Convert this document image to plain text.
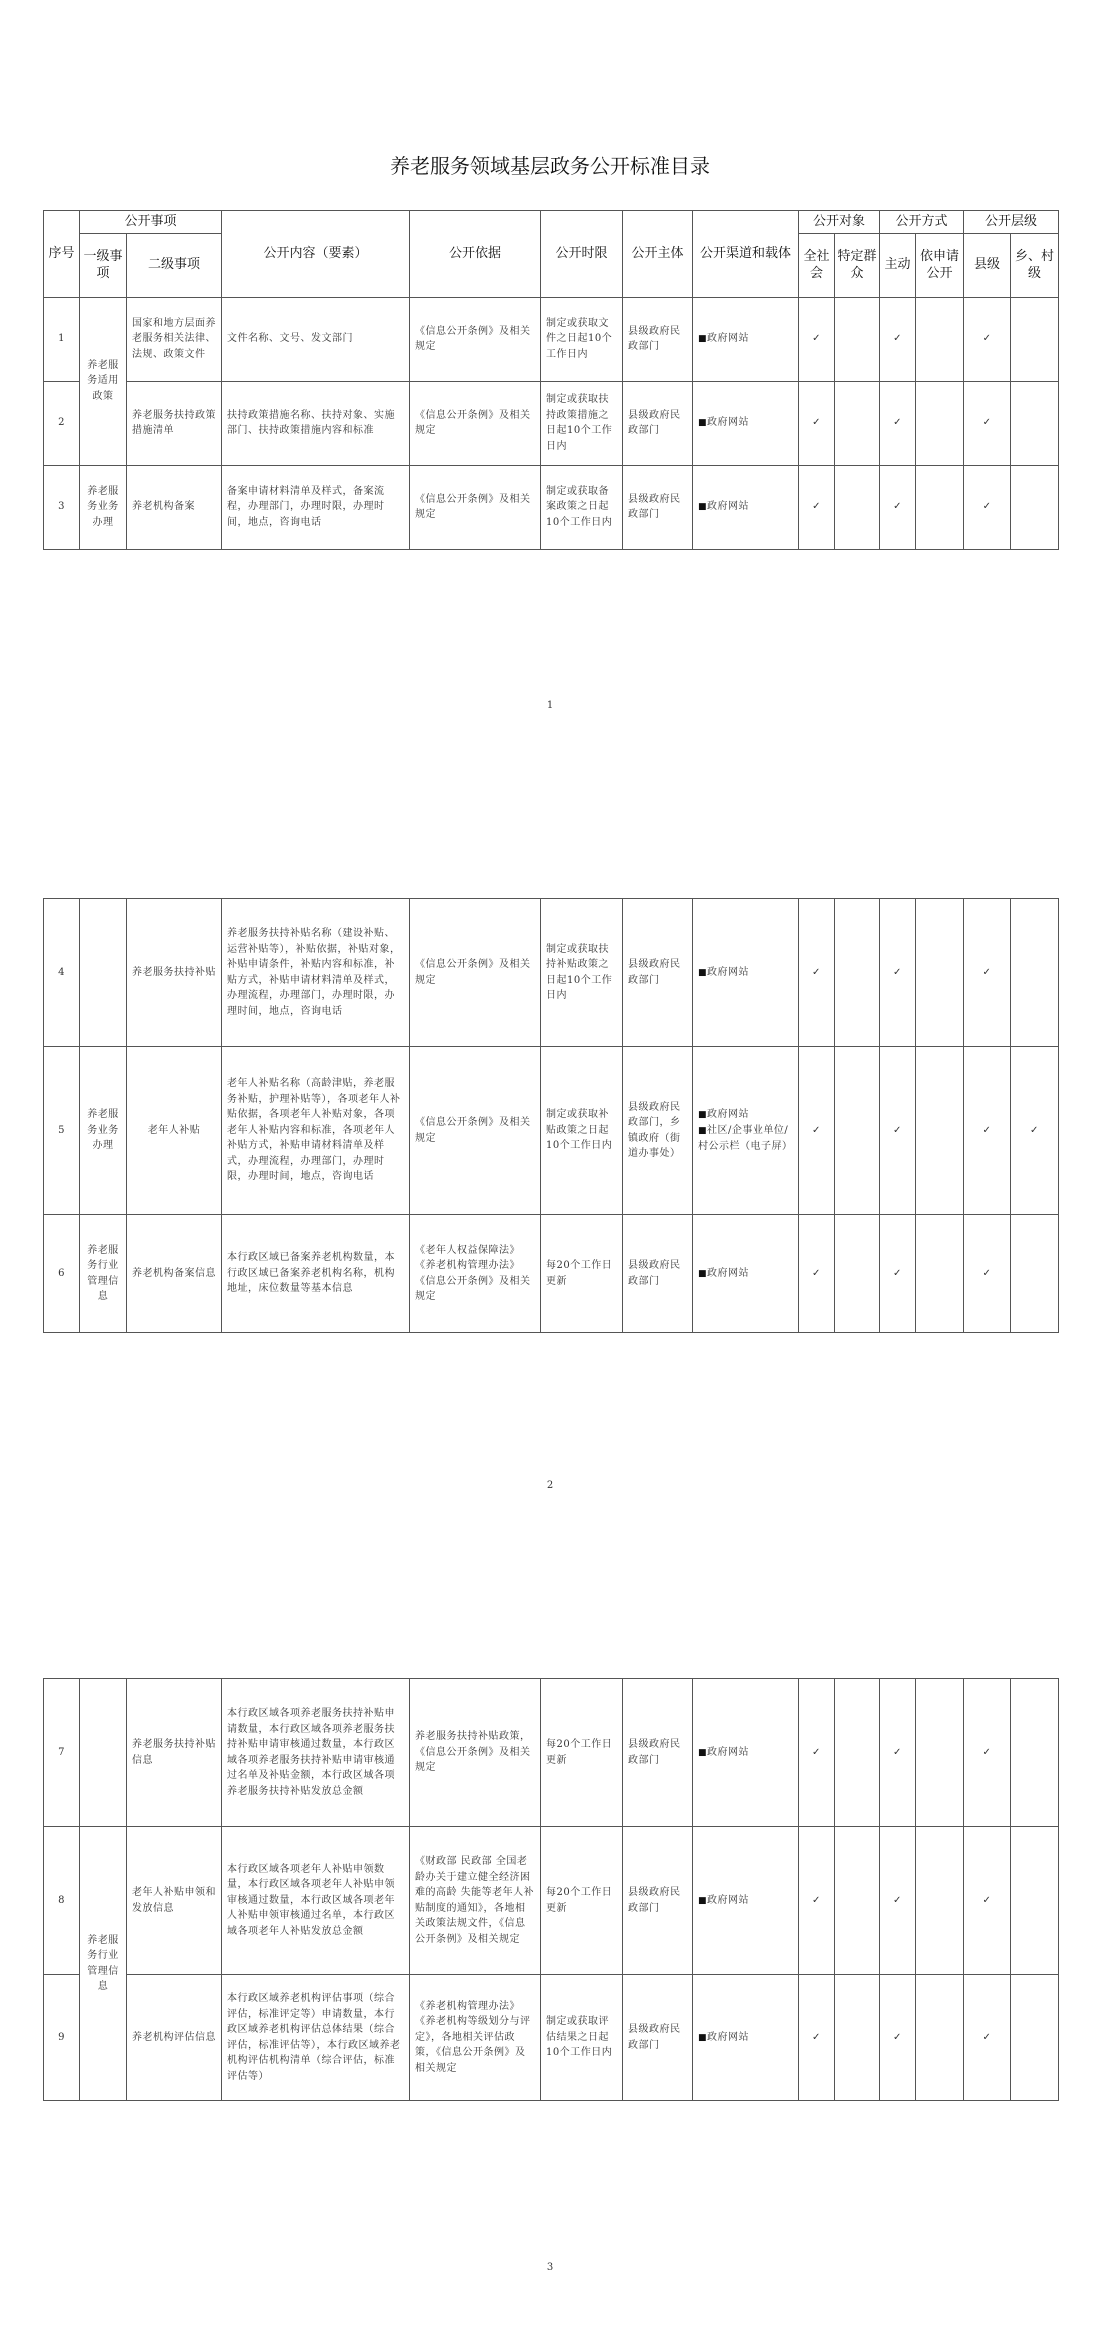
养老服务领域基层政务公开标准目录
序号	公开事项		公开内容（要素）	公开依据	公开时限	公开主体	公开渠道和载体	公开对象		公开方式		公开层级	
	一级事项	二级事项						全社会	特定群众	主动	依申请公开	县级	乡、村级
1	养老服务适用政策	国家和地方层面养老服务相关法律、法规、政策文件	文件名称、文号、发文部门	《信息公开条例》及相关规定	制定或获取文件之日起10个工作日内	县级政府民政部门	■政府网站	✓		✓		✓	
2		养老服务扶持政策措施清单	扶持政策措施名称、扶持对象、实施部门、扶持政策措施内容和标准	《信息公开条例》及相关规定	制定或获取扶持政策措施之日起10个工作日内	县级政府民政部门	■政府网站	✓		✓		✓	
3	养老服务业务办理	养老机构备案	备案申请材料清单及样式，备案流程，办理部门，办理时限，办理时间，地点，咨询电话	《信息公开条例》及相关规定	制定或获取备案政策之日起10个工作日内	县级政府民政部门	■政府网站	✓		✓		✓	
1
4		养老服务扶持补贴	养老服务扶持补贴名称（建设补贴、运营补贴等），补贴依据，补贴对象，补贴申请条件，补贴内容和标准，补贴方式，补贴申请材料清单及样式，办理流程，办理部门，办理时限，办理时间，地点，咨询电话	《信息公开条例》及相关规定	制定或获取扶持补贴政策之日起10个工作日内	县级政府民政部门	■政府网站	✓		✓		✓	
5	养老服务业务办理	老年人补贴	老年人补贴名称（高龄津贴，养老服务补贴，护理补贴等），各项老年人补贴依据，各项老年人补贴对象，各项老年人补贴内容和标准，各项老年人补贴方式，补贴申请材料清单及样式，办理流程，办理部门，办理时限，办理时间，地点，咨询电话	《信息公开条例》及相关规定	制定或获取补贴政策之日起10个工作日内	县级政府民政部门，乡镇政府（街道办事处）	■政府网站
■社区/企事业单位/村公示栏（电子屏）	✓		✓		✓	✓
6	养老服务行业管理信息	养老机构备案信息	本行政区域已备案养老机构数量，本行政区域已备案养老机构名称，机构地址，床位数量等基本信息	《老年人权益保障法》《养老机构管理办法》《信息公开条例》及相关规定	每20个工作日更新	县级政府民政部门	■政府网站	✓		✓		✓	
2
7		养老服务扶持补贴信息	本行政区域各项养老服务扶持补贴申请数量，本行政区域各项养老服务扶持补贴申请审核通过数量，本行政区域各项养老服务扶持补贴申请审核通过名单及补贴金额，本行政区域各项养老服务扶持补贴发放总金额	养老服务扶持补贴政策，《信息公开条例》及相关规定	每20个工作日更新	县级政府民政部门	■政府网站	✓		✓		✓	
8	养老服务行业管理信息	老年人补贴申领和发放信息	本行政区域各项老年人补贴申领数量，本行政区域各项老年人补贴申领审核通过数量，本行政区域各项老年人补贴申领审核通过名单，本行政区域各项老年人补贴发放总金额	《财政部 民政部 全国老龄办关于建立健全经济困难的高龄 失能等老年人补贴制度的通知》，各地相关政策法规文件，《信息公开条例》及相关规定	每20个工作日更新	县级政府民政部门	■政府网站	✓		✓		✓	
9		养老机构评估信息	本行政区域养老机构评估事项（综合评估，标准评定等）申请数量，本行政区域养老机构评估总体结果（综合评估，标准评估等），本行政区域养老机构评估机构清单（综合评估，标准评估等）	《养老机构管理办法》《养老机构等级划分与评定》，各地相关评估政策，《信息公开条例》及相关规定	制定或获取评估结果之日起10个工作日内	县级政府民政部门	■政府网站	✓		✓		✓	
3
